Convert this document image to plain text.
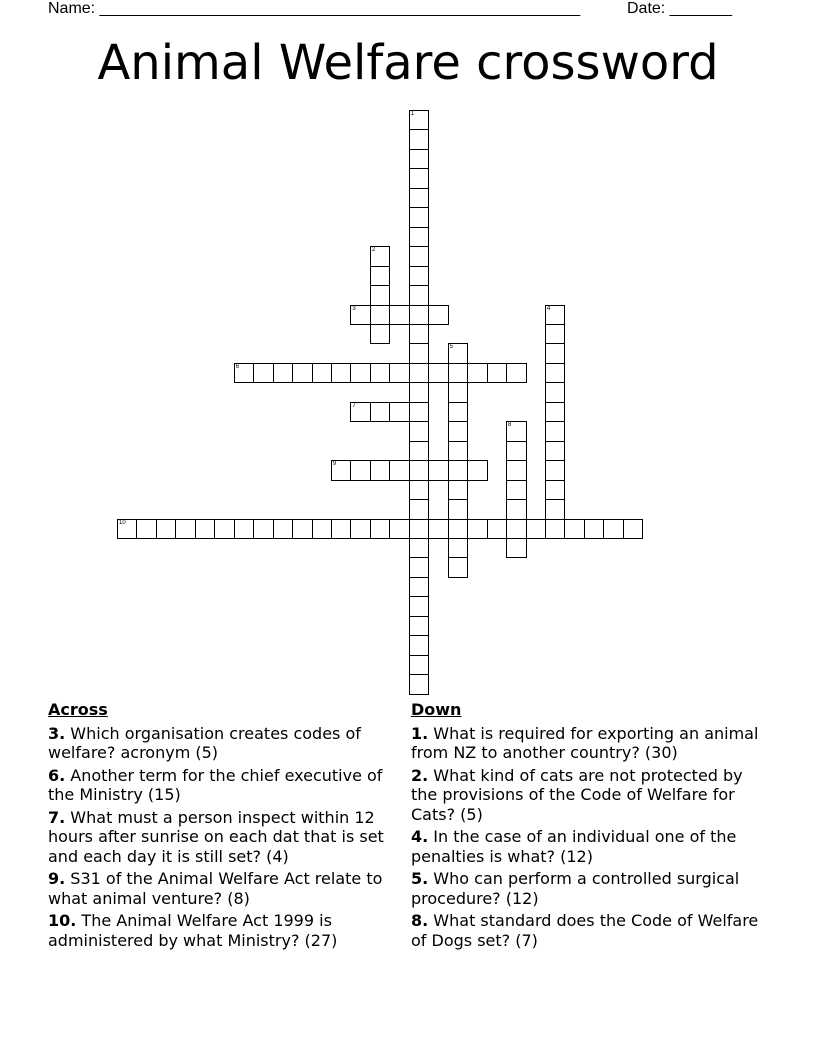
Name: ______________________________________________________	Date: _______
Animal Welfare crossword
1
2
3	4
5
6
7
8
9
10
Across
3. Which organisation creates codes of welfare? acronym (5)
6. Another term for the chief executive of the Ministry (15)
7. What must a person inspect within 12 hours after sunrise on each dat that is set and each day it is still set? (4)
9. S31 of the Animal Welfare Act relate to what animal venture? (8)
10. The Animal Welfare Act 1999 is administered by what Ministry? (27)
Down
1. What is required for exporting an animal from NZ to another country? (30)
2. What kind of cats are not protected by the provisions of the Code of Welfare for Cats? (5)
4. In the case of an individual one of the penalties is what? (12)
5. Who can perform a controlled surgical procedure? (12)
8. What standard does the Code of Welfare of Dogs set? (7)
